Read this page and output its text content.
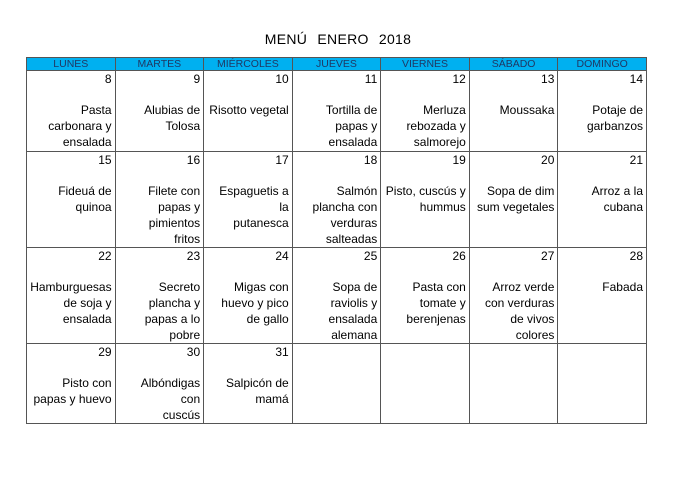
MENÚ ENERO 2018
LUNES	MARTES	MIÉRCOLES	JUEVES	VIERNES	SÁBADO	DOMINGO

8
Pasta
carbonara y
ensalada	9
Alubias de
Tolosa	10
Risotto vegetal	11
Tortilla de
papas y
ensalada	12
Merluza
rebozada y
salmorejo	13
Moussaka	14
Potaje de
garbanzos

15
Fideuá de
quinoa	16
Filete con
papas y
pimientos
fritos	17
Espaguetis a la
putanesca	18
Salmón
plancha con
verduras
salteadas	19
Pisto, cuscús y
hummus	20
Sopa de dim
sum vegetales	21
Arroz a la
cubana

22
Hamburguesas
de soja y
ensalada	23
Secreto
plancha y
papas a lo
pobre	24
Migas con
huevo y pico
de gallo	25
Sopa de
raviolis y
ensalada
alemana	26
Pasta con
tomate y
berenjenas	27
Arroz verde
con verduras
de vivos
colores	28
Fabada

29
Pisto con
papas y huevo	30
Albóndigas con
cuscús	31
Salpicón de
mamá				
